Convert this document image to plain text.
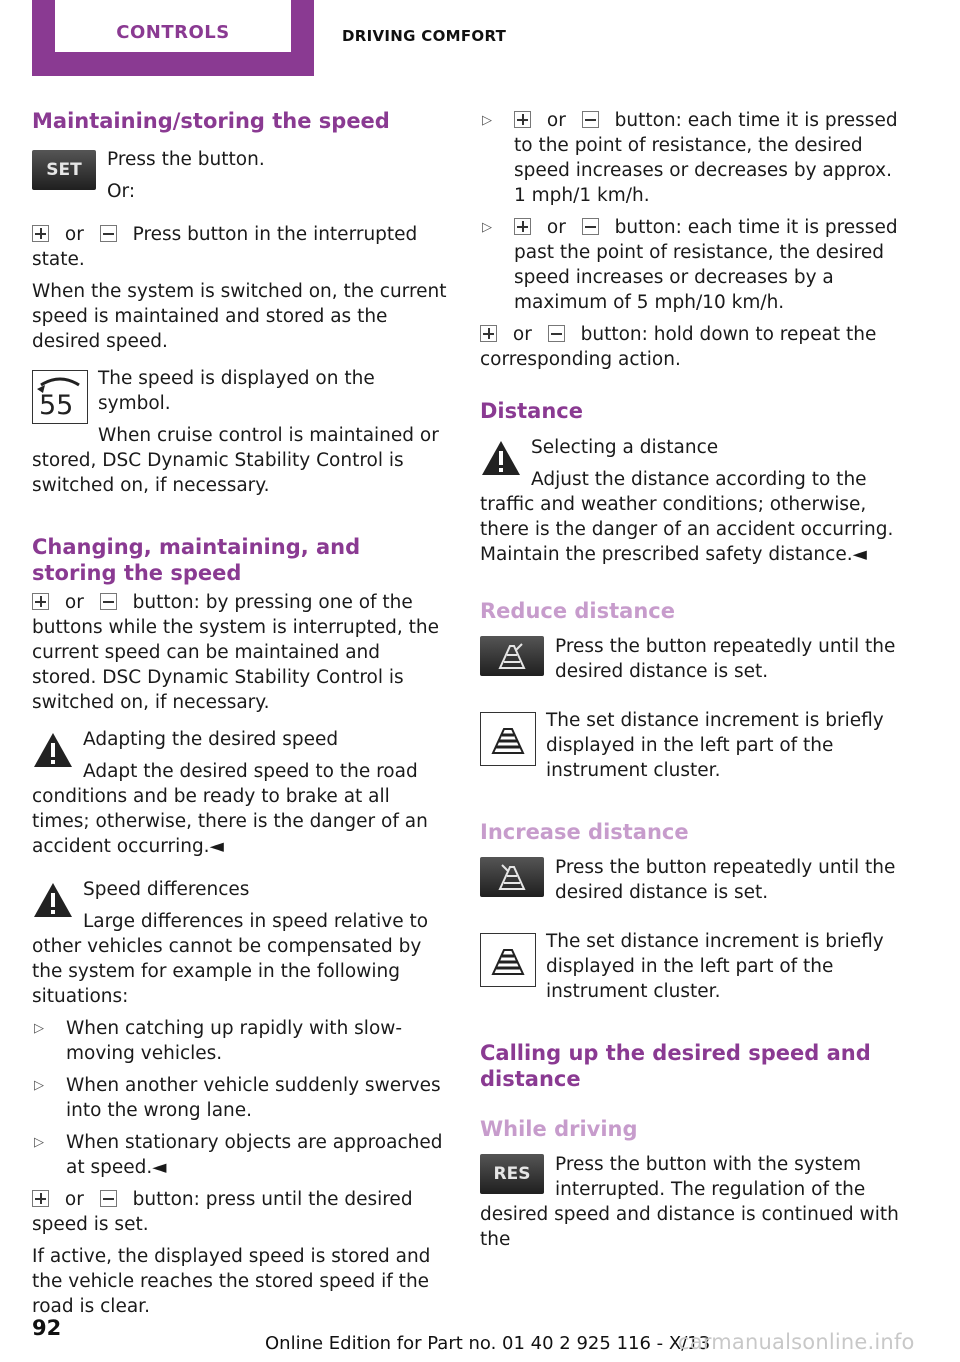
CONTROLS	DRIVING COMFORT
Maintaining/storing the speed
SET	Press the button.

Or:

or	Press button in the interrupted state.

When the system is switched on, the current speed is maintained and stored as the desired speed.

55

The speed is displayed on the symbol.

When cruise control is maintained or stored, DSC Dynamic Stability Control is switched on, if necessary.

Changing, maintaining, and storing the speed

or	button: by pressing one of the buttons while the system is interrupted, the current speed can be maintained and stored. DSC Dynamic Stability Control is switched on, if necessary.

Adapting the desired speed

Adapt the desired speed to the road conditions and be ready to brake at all times; otherwise, there is the danger of an accident occurring.◄

Speed differences

Large differences in speed relative to other vehicles cannot be compensated by the system for example in the following situations:

▷ When catching up rapidly with slow-moving vehicles.
▷ When another vehicle suddenly swerves into the wrong lane.
▷ When stationary objects are approached at speed.◄

or	button: press until the desired speed is set.

If active, the displayed speed is stored and the vehicle reaches the stored speed if the road is clear.

▷	or	button: each time it is pressed to the point of resistance, the desired speed increases or decreases by approx. 1 mph/1 km/h.
▷	or	button: each time it is pressed past the point of resistance, the desired speed increases or decreases by a maximum of 5 mph/10 km/h.

or	button: hold down to repeat the corresponding action.

Distance

Selecting a distance

Adjust the distance according to the traffic and weather conditions; otherwise, there is the danger of an accident occurring. Maintain the prescribed safety distance.◄

Reduce distance

Press the button repeatedly until the desired distance is set.

The set distance increment is briefly displayed in the left part of the instrument cluster.

Increase distance

Press the button repeatedly until the desired distance is set.

The set distance increment is briefly displayed in the left part of the instrument cluster.

Calling up the desired speed and distance
While driving
RES	Press the button with the system interrupted. The regulation of the desired speed and distance is continued with the

92
Online Edition for Part no. 01 40 2 925 116 - X/13
carmanualsonline.info
